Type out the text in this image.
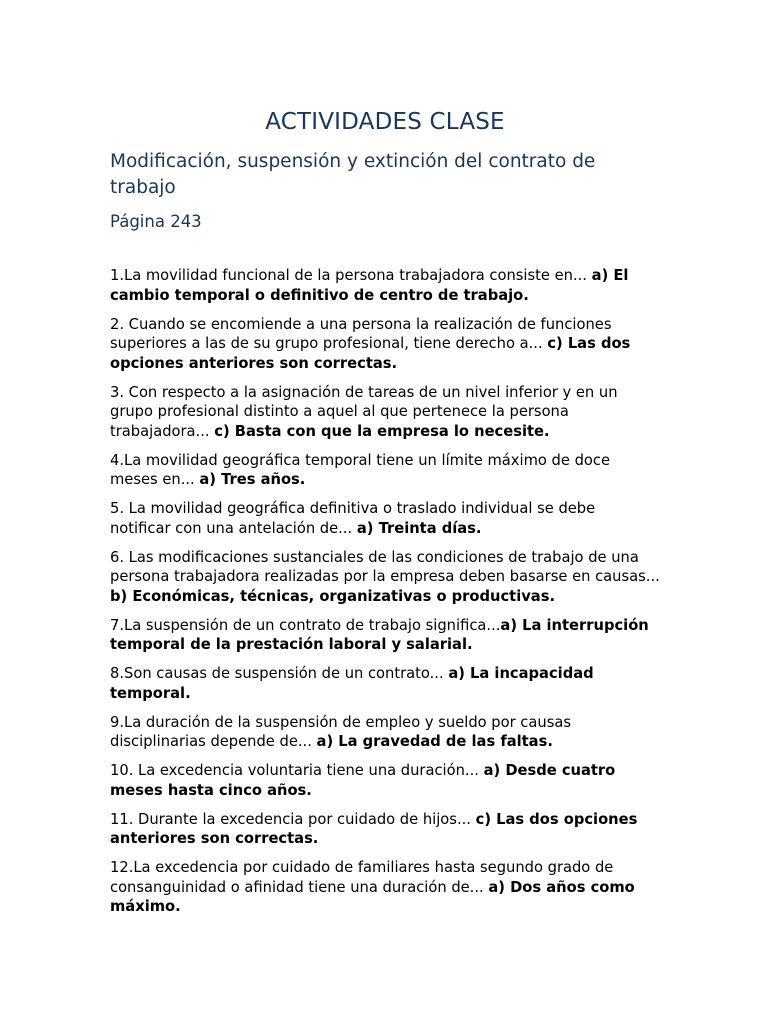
ACTIVIDADES CLASE
Modificación, suspensión y extinción del contrato de trabajo
Página 243

1.La movilidad funcional de la persona trabajadora consiste en... a) El cambio temporal o definitivo de centro de trabajo.

2. Cuando se encomiende a una persona la realización de funciones superiores a las de su grupo profesional, tiene derecho a... c) Las dos opciones anteriores son correctas.

3. Con respecto a la asignación de tareas de un nivel inferior y en un grupo profesional distinto a aquel al que pertenece la persona trabajadora... c) Basta con que la empresa lo necesite.

4.La movilidad geográfica temporal tiene un límite máximo de doce meses en... a) Tres años.

5. La movilidad geográfica definitiva o traslado individual se debe notificar con una antelación de... a) Treinta días.

6. Las modificaciones sustanciales de las condiciones de trabajo de una persona trabajadora realizadas por la empresa deben basarse en causas... b) Económicas, técnicas, organizativas o productivas.

7.La suspensión de un contrato de trabajo significa...a) La interrupción temporal de la prestación laboral y salarial.

8.Son causas de suspensión de un contrato... a) La incapacidad temporal.

9.La duración de la suspensión de empleo y sueldo por causas disciplinarias depende de... a) La gravedad de las faltas.

10. La excedencia voluntaria tiene una duración... a) Desde cuatro meses hasta cinco años.

11. Durante la excedencia por cuidado de hijos... c) Las dos opciones anteriores son correctas.

12.La excedencia por cuidado de familiares hasta segundo grado de consanguinidad o afinidad tiene una duración de... a) Dos años como máximo.
